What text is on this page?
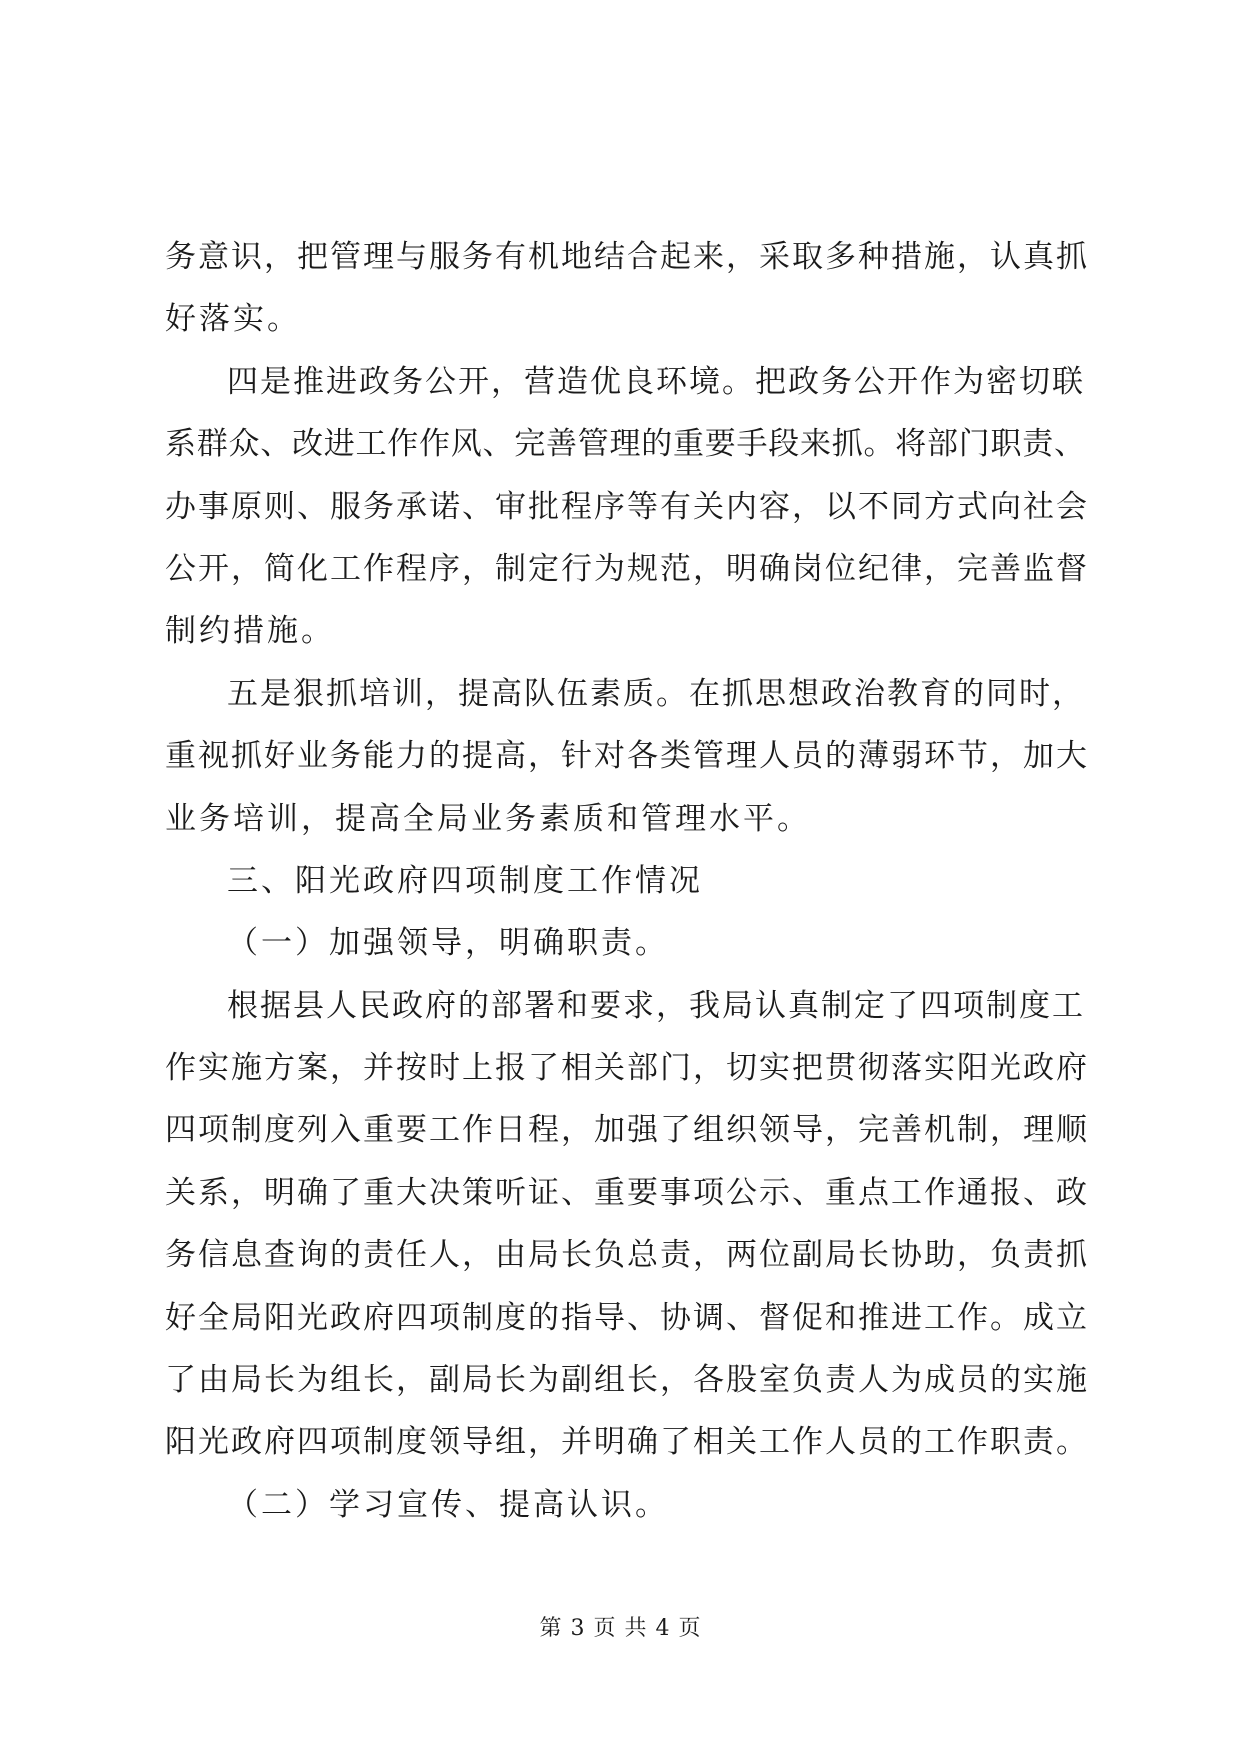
务意识，把管理与服务有机地结合起来，采取多种措施，认真抓
好落实。

四是推进政务公开，营造优良环境。把政务公开作为密切联
系群众、改进工作作风、完善管理的重要手段来抓。将部门职责、
办事原则、服务承诺、审批程序等有关内容，以不同方式向社会
公开，简化工作程序，制定行为规范，明确岗位纪律，完善监督
制约措施。

五是狠抓培训，提高队伍素质。在抓思想政治教育的同时，
重视抓好业务能力的提高，针对各类管理人员的薄弱环节，加大
业务培训，提高全局业务素质和管理水平。

三、阳光政府四项制度工作情况

（一）加强领导，明确职责。

根据县人民政府的部署和要求，我局认真制定了四项制度工
作实施方案，并按时上报了相关部门，切实把贯彻落实阳光政府
四项制度列入重要工作日程，加强了组织领导，完善机制，理顺
关系，明确了重大决策听证、重要事项公示、重点工作通报、政
务信息查询的责任人，由局长负总责，两位副局长协助，负责抓
好全局阳光政府四项制度的指导、协调、督促和推进工作。成立
了由局长为组长，副局长为副组长，各股室负责人为成员的实施
阳光政府四项制度领导组，并明确了相关工作人员的工作职责。

（二）学习宣传、提高认识。

第 3 页 共 4 页
